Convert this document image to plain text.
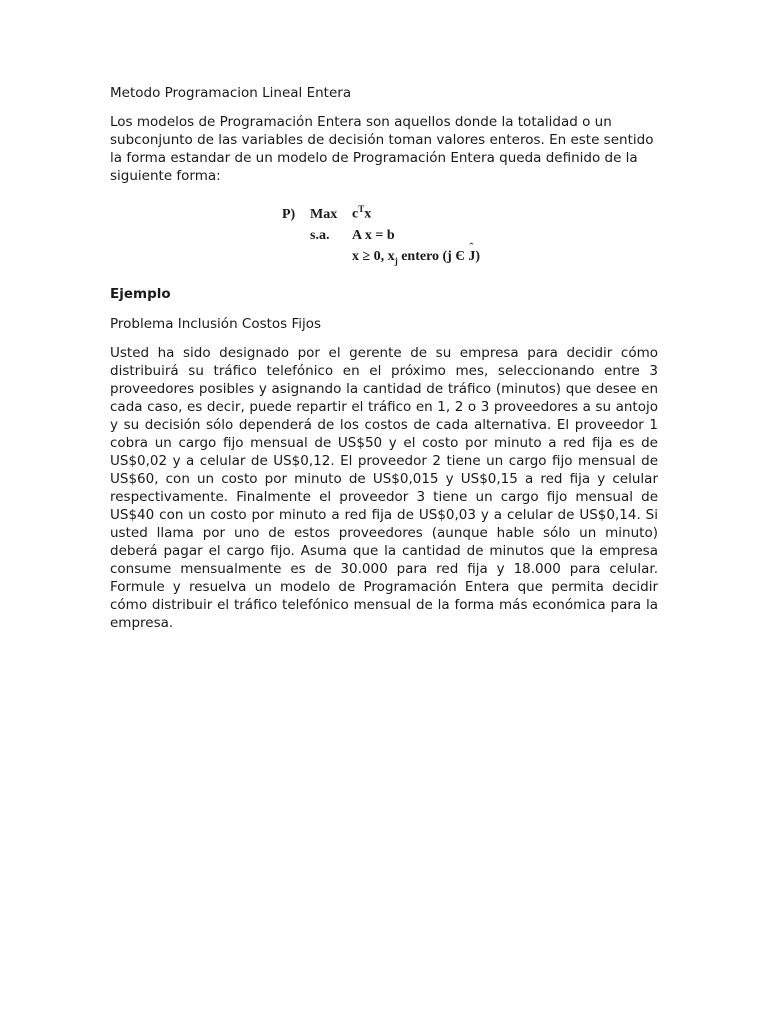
Metodo Programacion Lineal Entera

Los modelos de Programación Entera son aquellos donde la totalidad o un subconjunto de las variables de decisión toman valores enteros. En este sentido la forma estandar de un modelo de Programación Entera queda definido de la siguiente forma:

P)	Max	$c^Tx$
s.a.	A x = b
x ≥ 0, $x_j$ entero (j Є ˆ J)

Ejemplo

Problema Inclusión Costos Fijos

Usted ha sido designado por el gerente de su empresa para decidir cómo distribuirá su tráfico telefónico en el próximo mes, seleccionando entre 3 proveedores posibles y asignando la cantidad de tráfico (minutos) que desee en cada caso, es decir, puede repartir el tráfico en 1, 2 o 3 proveedores a su antojo y su decisión sólo dependerá de los costos de cada alternativa. El proveedor 1 cobra un cargo fijo mensual de US$50 y el costo por minuto a red fija es de US$0,02 y a celular de US$0,12. El proveedor 2 tiene un cargo fijo mensual de US$60, con un costo por minuto de US$0,015 y US$0,15 a red fija y celular respectivamente. Finalmente el proveedor 3 tiene un cargo fijo mensual de US$40 con un costo por minuto a red fija de US$0,03 y a celular de US$0,14. Si usted llama por uno de estos proveedores (aunque hable sólo un minuto) deberá pagar el cargo fijo. Asuma que la cantidad de minutos que la empresa consume mensualmente es de 30.000 para red fija y 18.000 para celular. Formule y resuelva un modelo de Programación Entera que permita decidir cómo distribuir el tráfico telefónico mensual de la forma más económica para la empresa.
